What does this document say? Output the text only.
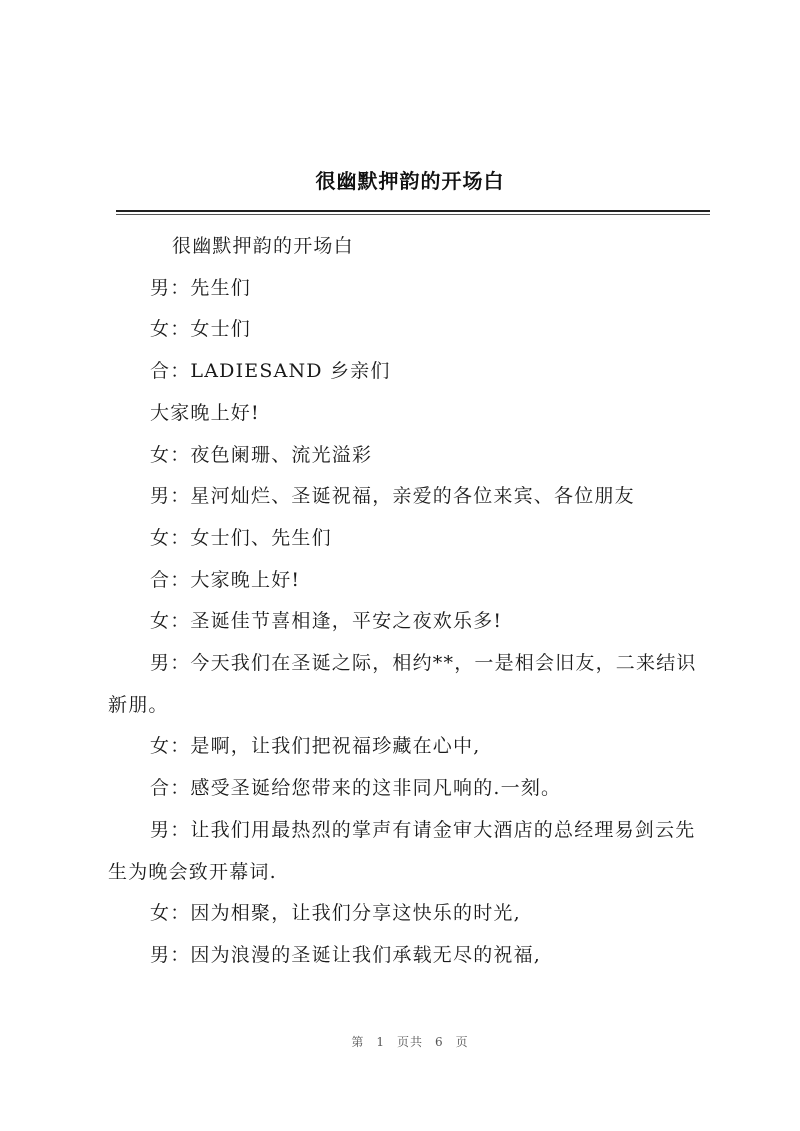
很幽默押韵的开场白

很幽默押韵的开场白

男：先生们

女：女士们

合：LADIESAND 乡亲们

大家晚上好!

女：夜色阑珊、流光溢彩

男：星河灿烂、圣诞祝福，亲爱的各位来宾、各位朋友

女：女士们、先生们

合：大家晚上好!

女：圣诞佳节喜相逢，平安之夜欢乐多!

男：今天我们在圣诞之际，相约**，一是相会旧友，二来结识新朋。

女：是啊，让我们把祝福珍藏在心中,

合：感受圣诞给您带来的这非同凡响的.一刻。

男：让我们用最热烈的掌声有请金审大酒店的总经理易剑云先生为晚会致开幕词.

女：因为相聚，让我们分享这快乐的时光,

男：因为浪漫的圣诞让我们承载无尽的祝福,

第 1 页共 6 页
